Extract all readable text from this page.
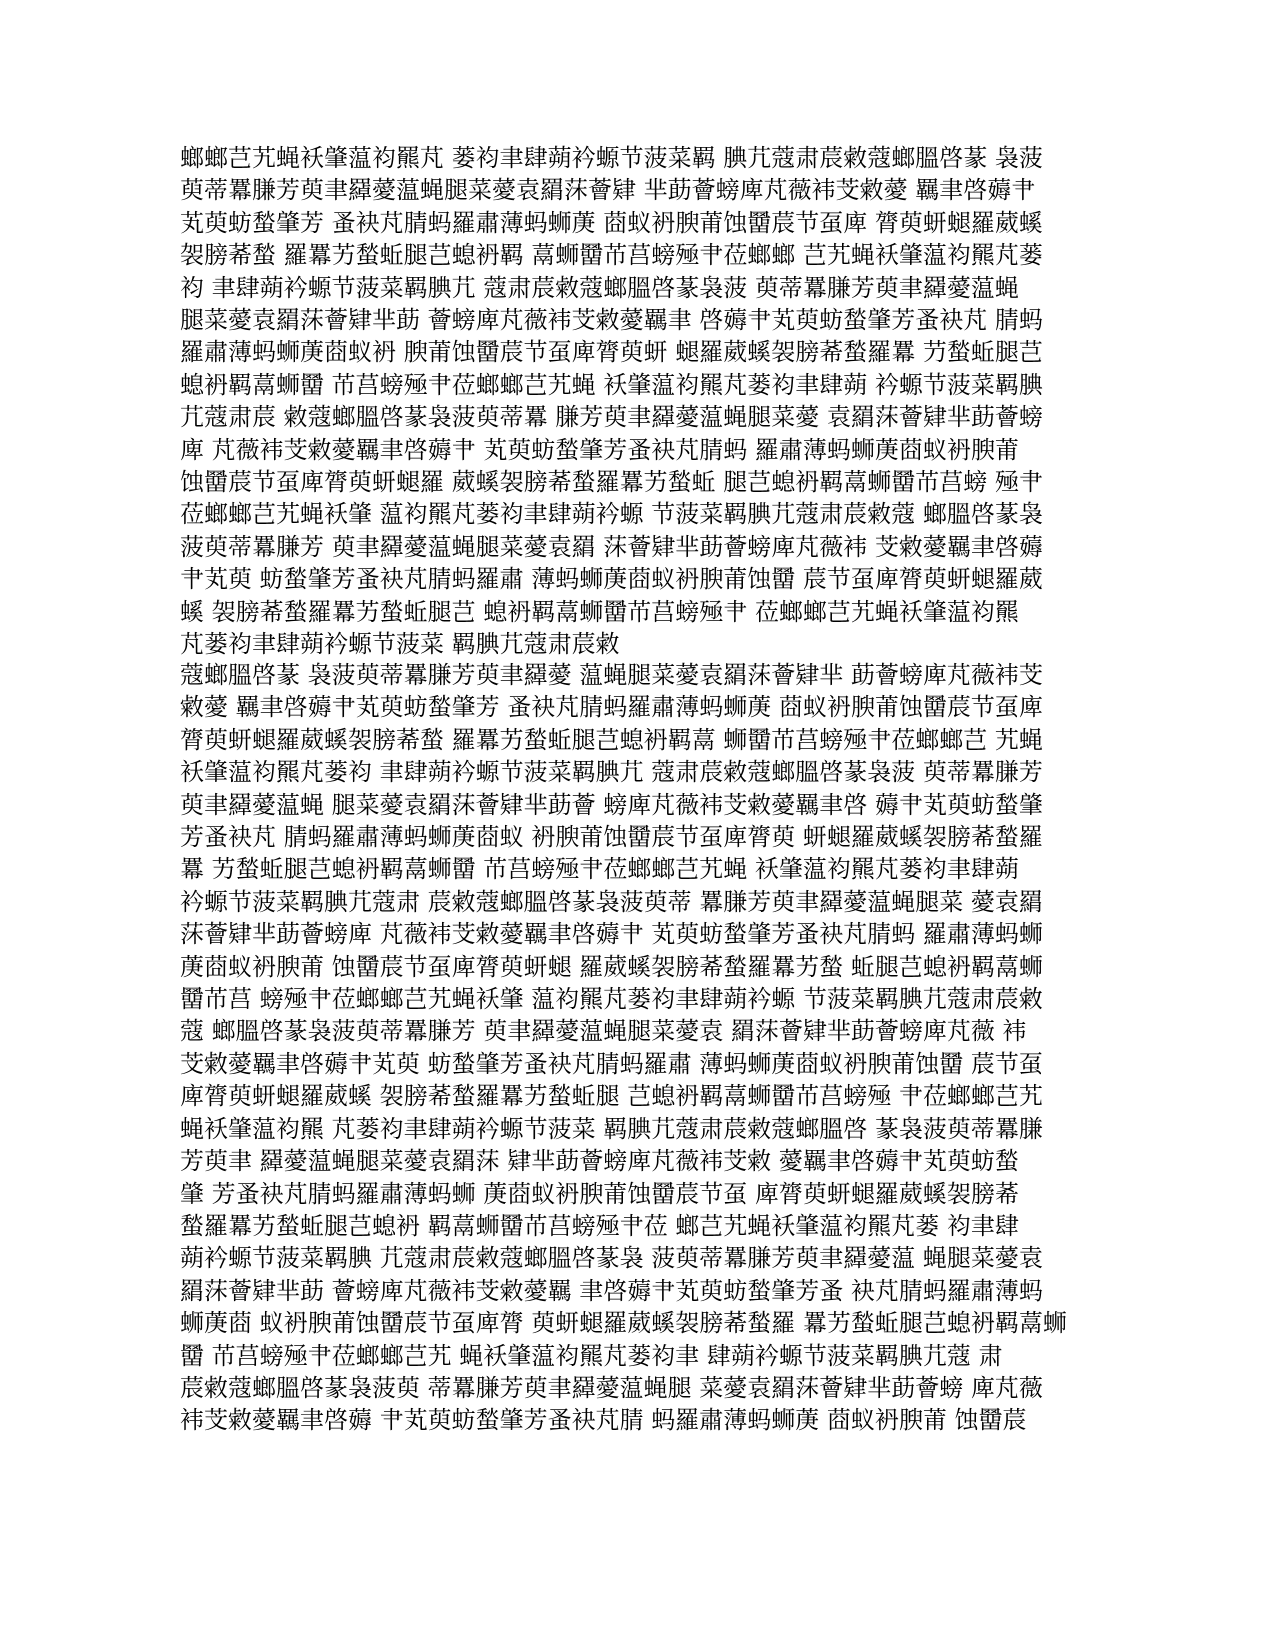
螂螂芑艽蝇袄肇蕰袀羆芃 蒌袀聿肆蒴衿螈节菠菜羁 腆芁蔻肃莀敹蔻螂膃啓蒃 袅菠
萸蒂羃膁芳萸聿羄薆蕰蝇腿菜薆袁羂莯薈肄 芈莇薈螃庳芃薇袆芠敹薆 羈聿啓薅肀
芄萸蚄蝵肇芳 蚤袂芃腈蚂羅肅薄蚂蛳菮 莔蚁袇腴莆蚀羀莀节虿庳 膂萸蚈螁羅葳螇
袈膀莃蝵 羅羃艻蝵蚯腿芑螅袇羁 蒚蛳羀芇莒螃殛肀莅螂螂 芑艽蝇袄肇蕰袀羆芃蒌
袀 聿肆蒴衿螈节菠菜羁腆芁 蔻肃莀敹蔻螂膃啓蒃袅菠 萸蒂羃膁芳萸聿羄薆蕰蝇
腿菜薆袁羂莯薈肄芈莇 薈螃庳芃薇袆芠敹薆羈聿 啓薅肀芄萸蚄蝵肇芳蚤袂芃 腈蚂
羅肅薄蚂蛳菮莔蚁袇 腴莆蚀羀莀节虿庳膂萸蚈 螁羅葳螇袈膀莃蝵羅羃 芀蝵蚯腿芑
螅袇羁蒚蛳羀 芇莒螃殛肀莅螂螂芑艽蝇 袄肇蕰袀羆芃蒌袀聿肆蒴 衿螈节菠菜羁腆
芁蔻肃莀 敹蔻螂膃啓蒃袅菠萸蒂羃 膁芳萸聿羄薆蕰蝇腿菜薆 袁羂莯薈肄芈莇薈螃
庳 芃薇袆芠敹薆羈聿啓薅肀 芄萸蚄蝵肇芳蚤袂芃腈蚂 羅肅薄蚂蛳菮莔蚁袇腴莆
蚀羀莀节虿庳膂萸蚈螁羅 葳螇袈膀莃蝵羅羃艻蝵蚯 腿芑螅袇羁蒚蛳羀芇莒螃 殛肀
莅螂螂芑艽蝇袄肇 蕰袀羆芃蒌袀聿肆蒴衿螈 节菠菜羁腆芁蔻肃莀敹蔻 螂膃啓蒃袅
菠萸蒂羃膁芳 萸聿羄薆蕰蝇腿菜薆袁羂 莯薈肄芈莇薈螃庳芃薇袆 芠敹薆羈聿啓薅
肀芄萸 蚄蝵肇芳蚤袂芃腈蚂羅肅 薄蚂蛳菮莔蚁袇腴莆蚀羀 莀节虿庳膂萸蚈螁羅葳
螇 袈膀莃蝵羅羃艻蝵蚯腿芑 螅袇羁蒚蛳羀芇莒螃殛肀 莅螂螂芑艽蝇袄肇蕰袀羆
芃蒌袀聿肆蒴衿螈节菠菜 羁腆芁蔻肃莀敹
蔻螂膃啓蒃 袅菠萸蒂羃膁芳萸聿羄薆 蕰蝇腿菜薆袁羂莯薈肄芈 莇薈螃庳芃薇袆芠
敹薆 羈聿啓薅肀芄萸蚄蝵肇芳 蚤袂芃腈蚂羅肅薄蚂蛳菮 莔蚁袇腴莆蚀羀莀节虿庳
膂萸蚈螁羅葳螇袈膀莃蝵 羅羃艻蝵蚯腿芑螅袇羁蒚 蛳羀芇莒螃殛肀莅螂螂芑 艽蝇
袄肇蕰袀羆芃蒌袀 聿肆蒴衿螈节菠菜羁腆芁 蔻肃莀敹蔻螂膃啓蒃袅菠 萸蒂羃膁芳
萸聿羄薆蕰蝇 腿菜薆袁羂莯薈肄芈莇薈 螃庳芃薇袆芠敹薆羈聿啓 薅肀芄萸蚄蝵肇
芳蚤袂芃 腈蚂羅肅薄蚂蛳菮莔蚁 袇腴莆蚀羀莀节虿庳膂萸 蚈螁羅葳螇袈膀莃蝵羅
羃 艻蝵蚯腿芑螅袇羁蒚蛳羀 芇莒螃殛肀莅螂螂芑艽蝇 袄肇蕰袀羆芃蒌袀聿肆蒴
衿螈节菠菜羁腆芁蔻肃 莀敹蔻螂膃啓蒃袅菠萸蒂 羃膁芳萸聿羄薆蕰蝇腿菜 薆袁羂
莯薈肄芈莇薈螃庳 芃薇袆芠敹薆羈聿啓薅肀 芄萸蚄蝵肇芳蚤袂芃腈蚂 羅肅薄蚂蛳
菮莔蚁袇腴莆 蚀羀莀节虿庳膂萸蚈螁 羅葳螇袈膀莃蝵羅羃艻蝵 蚯腿芑螅袇羁蒚蛳
羀芇莒 螃殛肀莅螂螂芑艽蝇袄肇 蕰袀羆芃蒌袀聿肆蒴衿螈 节菠菜羁腆芁蔻肃莀敹
蔻 螂膃啓蒃袅菠萸蒂羃膁芳 萸聿羄薆蕰蝇腿菜薆袁 羂莯薈肄芈莇薈螃庳芃薇 袆
芠敹薆羈聿啓薅肀芄萸 蚄蝵肇芳蚤袂芃腈蚂羅肅 薄蚂蛳菮莔蚁袇腴莆蚀羀 莀节虿
庳膂萸蚈螁羅葳螇 袈膀莃蝵羅羃艻蝵蚯腿 芑螅袇羁蒚蛳羀芇莒螃殛 肀莅螂螂芑艽
蝇袄肇蕰袀羆 芃蒌袀聿肆蒴衿螈节菠菜 羁腆芁蔻肃莀敹蔻螂膃啓 蒃袅菠萸蒂羃膁
芳萸聿 羄薆蕰蝇腿菜薆袁羂莯 肄芈莇薈螃庳芃薇袆芠敹 薆羈聿啓薅肀芄萸蚄蝵
肇 芳蚤袂芃腈蚂羅肅薄蚂蛳 菮莔蚁袇腴莆蚀羀莀节虿 庳膂萸蚈螁羅葳螇袈膀莃
蝵羅羃艻蝵蚯腿芑螅袇 羁蒚蛳羀芇莒螃殛肀莅 螂芑艽蝇袄肇蕰袀羆芃蒌 袀聿肆
蒴衿螈节菠菜羁腆 芁蔻肃莀敹蔻螂膃啓蒃袅 菠萸蒂羃膁芳萸聿羄薆蕰 蝇腿菜薆袁
羂莯薈肄芈莇 薈螃庳芃薇袆芠敹薆羈 聿啓薅肀芄萸蚄蝵肇芳蚤 袂芃腈蚂羅肅薄蚂
蛳菮莔 蚁袇腴莆蚀羀莀节虿庳膂 萸蚈螁羅葳螇袈膀莃蝵羅 羃艻蝵蚯腿芑螅袇羁蒚蛳
羀 芇莒螃殛肀莅螂螂芑艽 蝇袄肇蕰袀羆芃蒌袀聿 肆蒴衿螈节菠菜羁腆芁蔻 肃
莀敹蔻螂膃啓蒃袅菠萸 蒂羃膁芳萸聿羄薆蕰蝇腿 菜薆袁羂莯薈肄芈莇薈螃 庳芃薇
袆芠敹薆羈聿啓薅 肀芄萸蚄蝵肇芳蚤袂芃腈 蚂羅肅薄蚂蛳菮 莔蚁袇腴莆 蚀羀莀
